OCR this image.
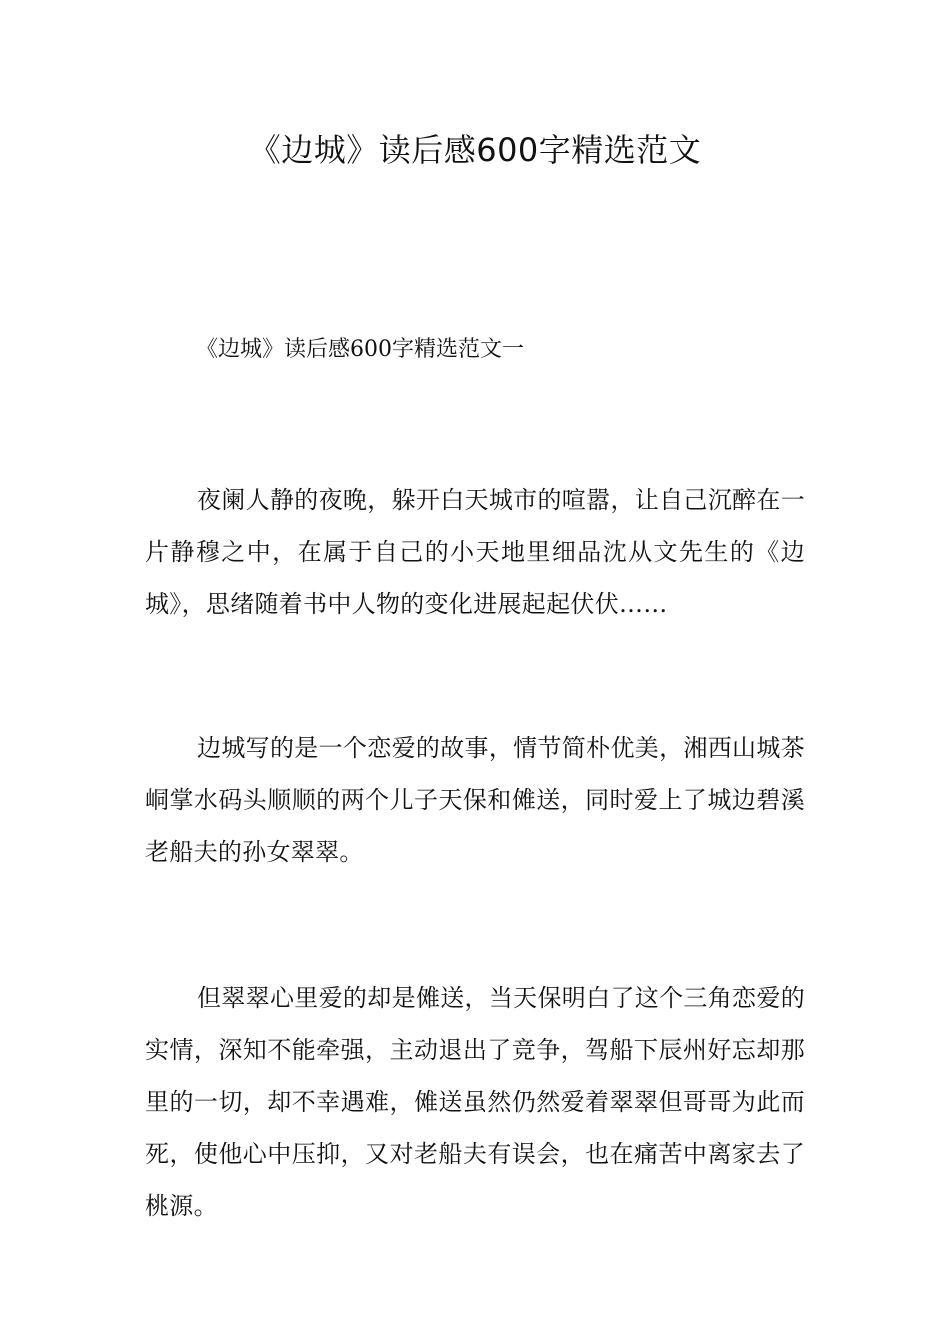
《边城》读后感600字精选范文
《边城》读后感600字精选范文一

夜阑人静的夜晚，躲开白天城市的喧嚣，让自己沉醉在一片静穆之中，在属于自己的小天地里细品沈从文先生的《边城》，思绪随着书中人物的变化进展起起伏伏……

边城写的是一个恋爱的故事，情节简朴优美，湘西山城茶峒掌水码头顺顺的两个儿子天保和傩送，同时爱上了城边碧溪老船夫的孙女翠翠。

但翠翠心里爱的却是傩送，当天保明白了这个三角恋爱的实情，深知不能牵强，主动退出了竞争，驾船下辰州好忘却那里的一切，却不幸遇难，傩送虽然仍然爱着翠翠但哥哥为此而死，使他心中压抑，又对老船夫有误会，也在痛苦中离家去了桃源。
